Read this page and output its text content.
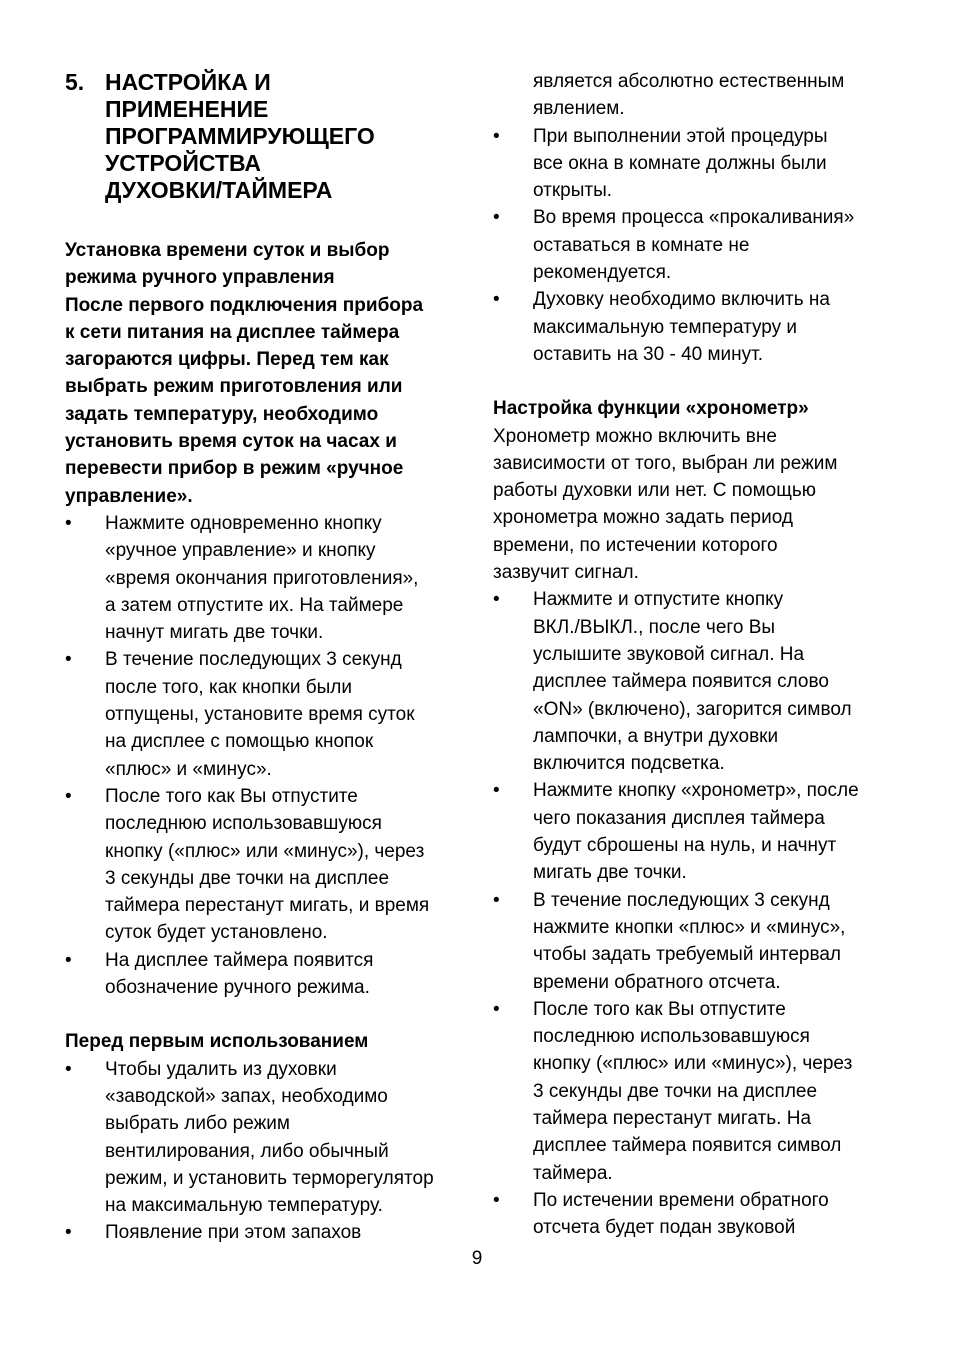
5. НАСТРОЙКА И
ПРИМЕНЕНИЕ
ПРОГРАММИРУЮЩЕГО
УСТРОЙСТВА
ДУХОВКИ/ТАЙМЕРА
Установка времени суток и выбор
режима ручного управления
После первого подключения прибора
к сети питания на дисплее таймера
загораются цифры. Перед тем как
выбрать режим приготовления или
задать температуру, необходимо
установить время суток на часах и
перевести прибор в режим «ручное
управление».
•	Нажмите одновременно кнопку
«ручное управление» и кнопку
«время окончания приготовления»,
а затем отпустите их. На таймере
начнут мигать две точки.
•	В течение последующих 3 секунд
после того, как кнопки были
отпущены, установите время суток
на дисплее с помощью кнопок
«плюс» и «минус».
•	После того как Вы отпустите
последнюю использовавшуюся
кнопку («плюс» или «минус»), через
3 секунды две точки на дисплее
таймера перестанут мигать, и время
суток будет установлено.
•	На дисплее таймера появится
обозначение ручного режима.
Перед первым использованием
•	Чтобы удалить из духовки
«заводской» запах, необходимо
выбрать либо режим
вентилирования, либо обычный
режим, и установить терморегулятор
на максимальную температуру.
•	Появление при этом запахов
является абсолютно естественным
явлением.
•	При выполнении этой процедуры
все окна в комнате должны были
открыты.
•	Во время процесса «прокаливания»
оставаться в комнате не
рекомендуется.
•	Духовку необходимо включить на
максимальную температуру и
оставить на 30 - 40 минут.
Настройка функции «хронометр»
Хронометр можно включить вне
зависимости от того, выбран ли режим
работы духовки или нет. С помощью
хронометра можно задать период
времени, по истечении которого
зазвучит сигнал.
•	Нажмите и отпустите кнопку
ВКЛ./ВЫКЛ., после чего Вы
услышите звуковой сигнал. На
дисплее таймера появится слово
«ON» (включено), загорится символ
лампочки, а внутри духовки
включится подсветка.
•	Нажмите кнопку «хронометр», после
чего показания дисплея таймера
будут сброшены на нуль, и начнут
мигать две точки.
•	В течение последующих 3 секунд
нажмите кнопки «плюс» и «минус»,
чтобы задать требуемый интервал
времени обратного отсчета.
•	После того как Вы отпустите
последнюю использовавшуюся
кнопку («плюс» или «минус»), через
3 секунды две точки на дисплее
таймера перестанут мигать. На
дисплее таймера появится символ
таймера.
•	По истечении времени обратного
отсчета будет подан звуковой
9
